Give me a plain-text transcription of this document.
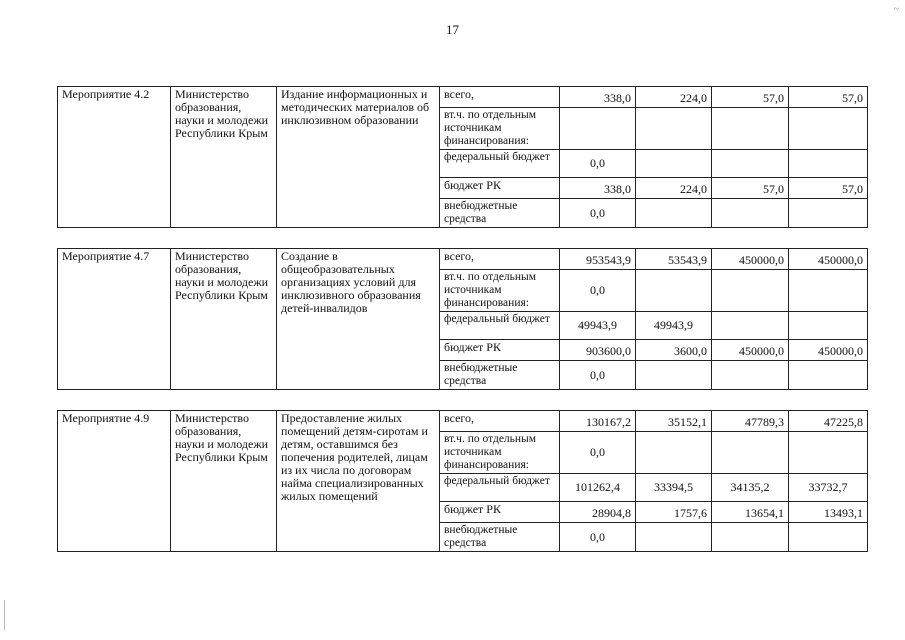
17
~
Мероприятие 4.2	Министерство образования, науки и молодежи Республики Крым	Издание информационных и методических материалов об инклюзивном образовании	всего,	338,0	224,0	57,0	57,0
			вт.ч. по отдельным источникам финансирования:				
			федеральный бюджет	0,0			
			бюджет РК	338,0	224,0	57,0	57,0
			внебюджетные средства	0,0			
Мероприятие 4.7	Министерство образования, науки и молодежи Республики Крым	Создание в общеобразовательных организациях условий для инклюзивного образования детей-инвалидов	всего,	953543,9	53543,9	450000,0	450000,0
			вт.ч. по отдельным источникам финансирования:	0,0			
			федеральный бюджет	49943,9	49943,9		
			бюджет РК	903600,0	3600,0	450000,0	450000,0
			внебюджетные средства	0,0			
Мероприятие 4.9	Министерство образования, науки и молодежи Республики Крым	Предоставление жилых помещений детям-сиротам и детям, оставшимся без попечения родителей, лицам из их числа по договорам найма специализированных жилых помещений	всего,	130167,2	35152,1	47789,3	47225,8
			вт.ч. по отдельным источникам финансирования:	0,0			
			федеральный бюджет	101262,4	33394,5	34135,2	33732,7
			бюджет РК	28904,8	1757,6	13654,1	13493,1
			внебюджетные средства	0,0			
